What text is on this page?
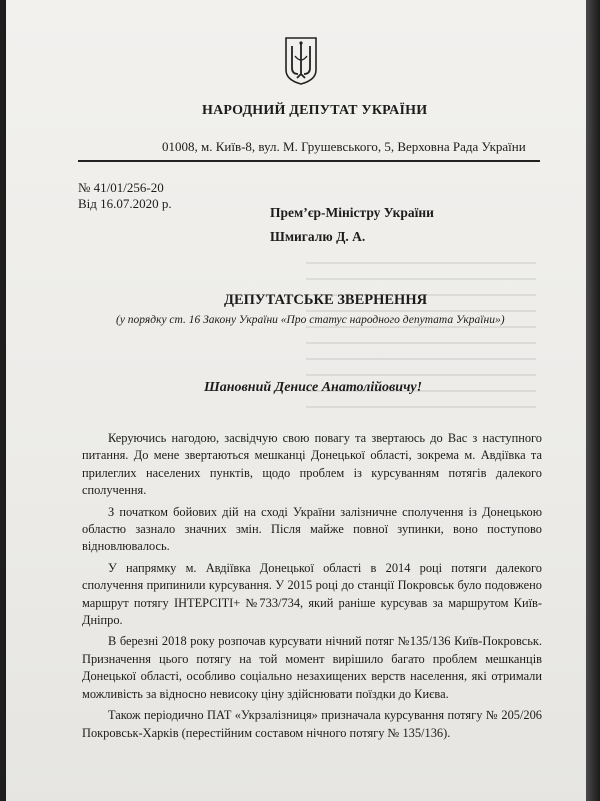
НАРОДНИЙ ДЕПУТАТ УКРАЇНИ
01008, м. Київ-8, вул. М. Грушевського, 5, Верховна Рада України
№ 41/01/256-20
Від 16.07.2020 р.
Прем’єр-Міністру України
Шмигалю Д. А.
ДЕПУТАТСЬКЕ ЗВЕРНЕННЯ
(у порядку ст. 16 Закону України «Про статус народного депутата України»)
Шановний Денисе Анатолійовичу!

Керуючись нагодою, засвідчую свою повагу та звертаюсь до Вас з наступного питання. До мене звертаються мешканці Донецької області, зокрема м. Авдіївка та прилеглих населених пунктів, щодо проблем із курсуванням потягів далекого сполучення.

З початком бойових дій на сході України залізничне сполучення із Донецькою областю зазнало значних змін. Після майже повної зупинки, воно поступово відновлювалось.

У напрямку м. Авдіївка Донецької області в 2014 році потяги далекого сполучення припинили курсування. У 2015 році до станції Покровськ було подовжено маршрут потягу ІНТЕРСІТІ+ №733/734, який раніше курсував за маршрутом Київ-Дніпро.

В березні 2018 року розпочав курсувати нічний потяг №135/136 Київ-Покровськ. Призначення цього потягу на той момент вирішило багато проблем мешканців Донецької області, особливо соціально незахищених верств населення, які отримали можливість за відносно невисоку ціну здійснювати поїздки до Києва.

Також періодично ПАТ «Укрзалізниця» призначала курсування потягу № 205/206 Покровськ-Харків (перестійним составом нічного потягу № 135/136).
